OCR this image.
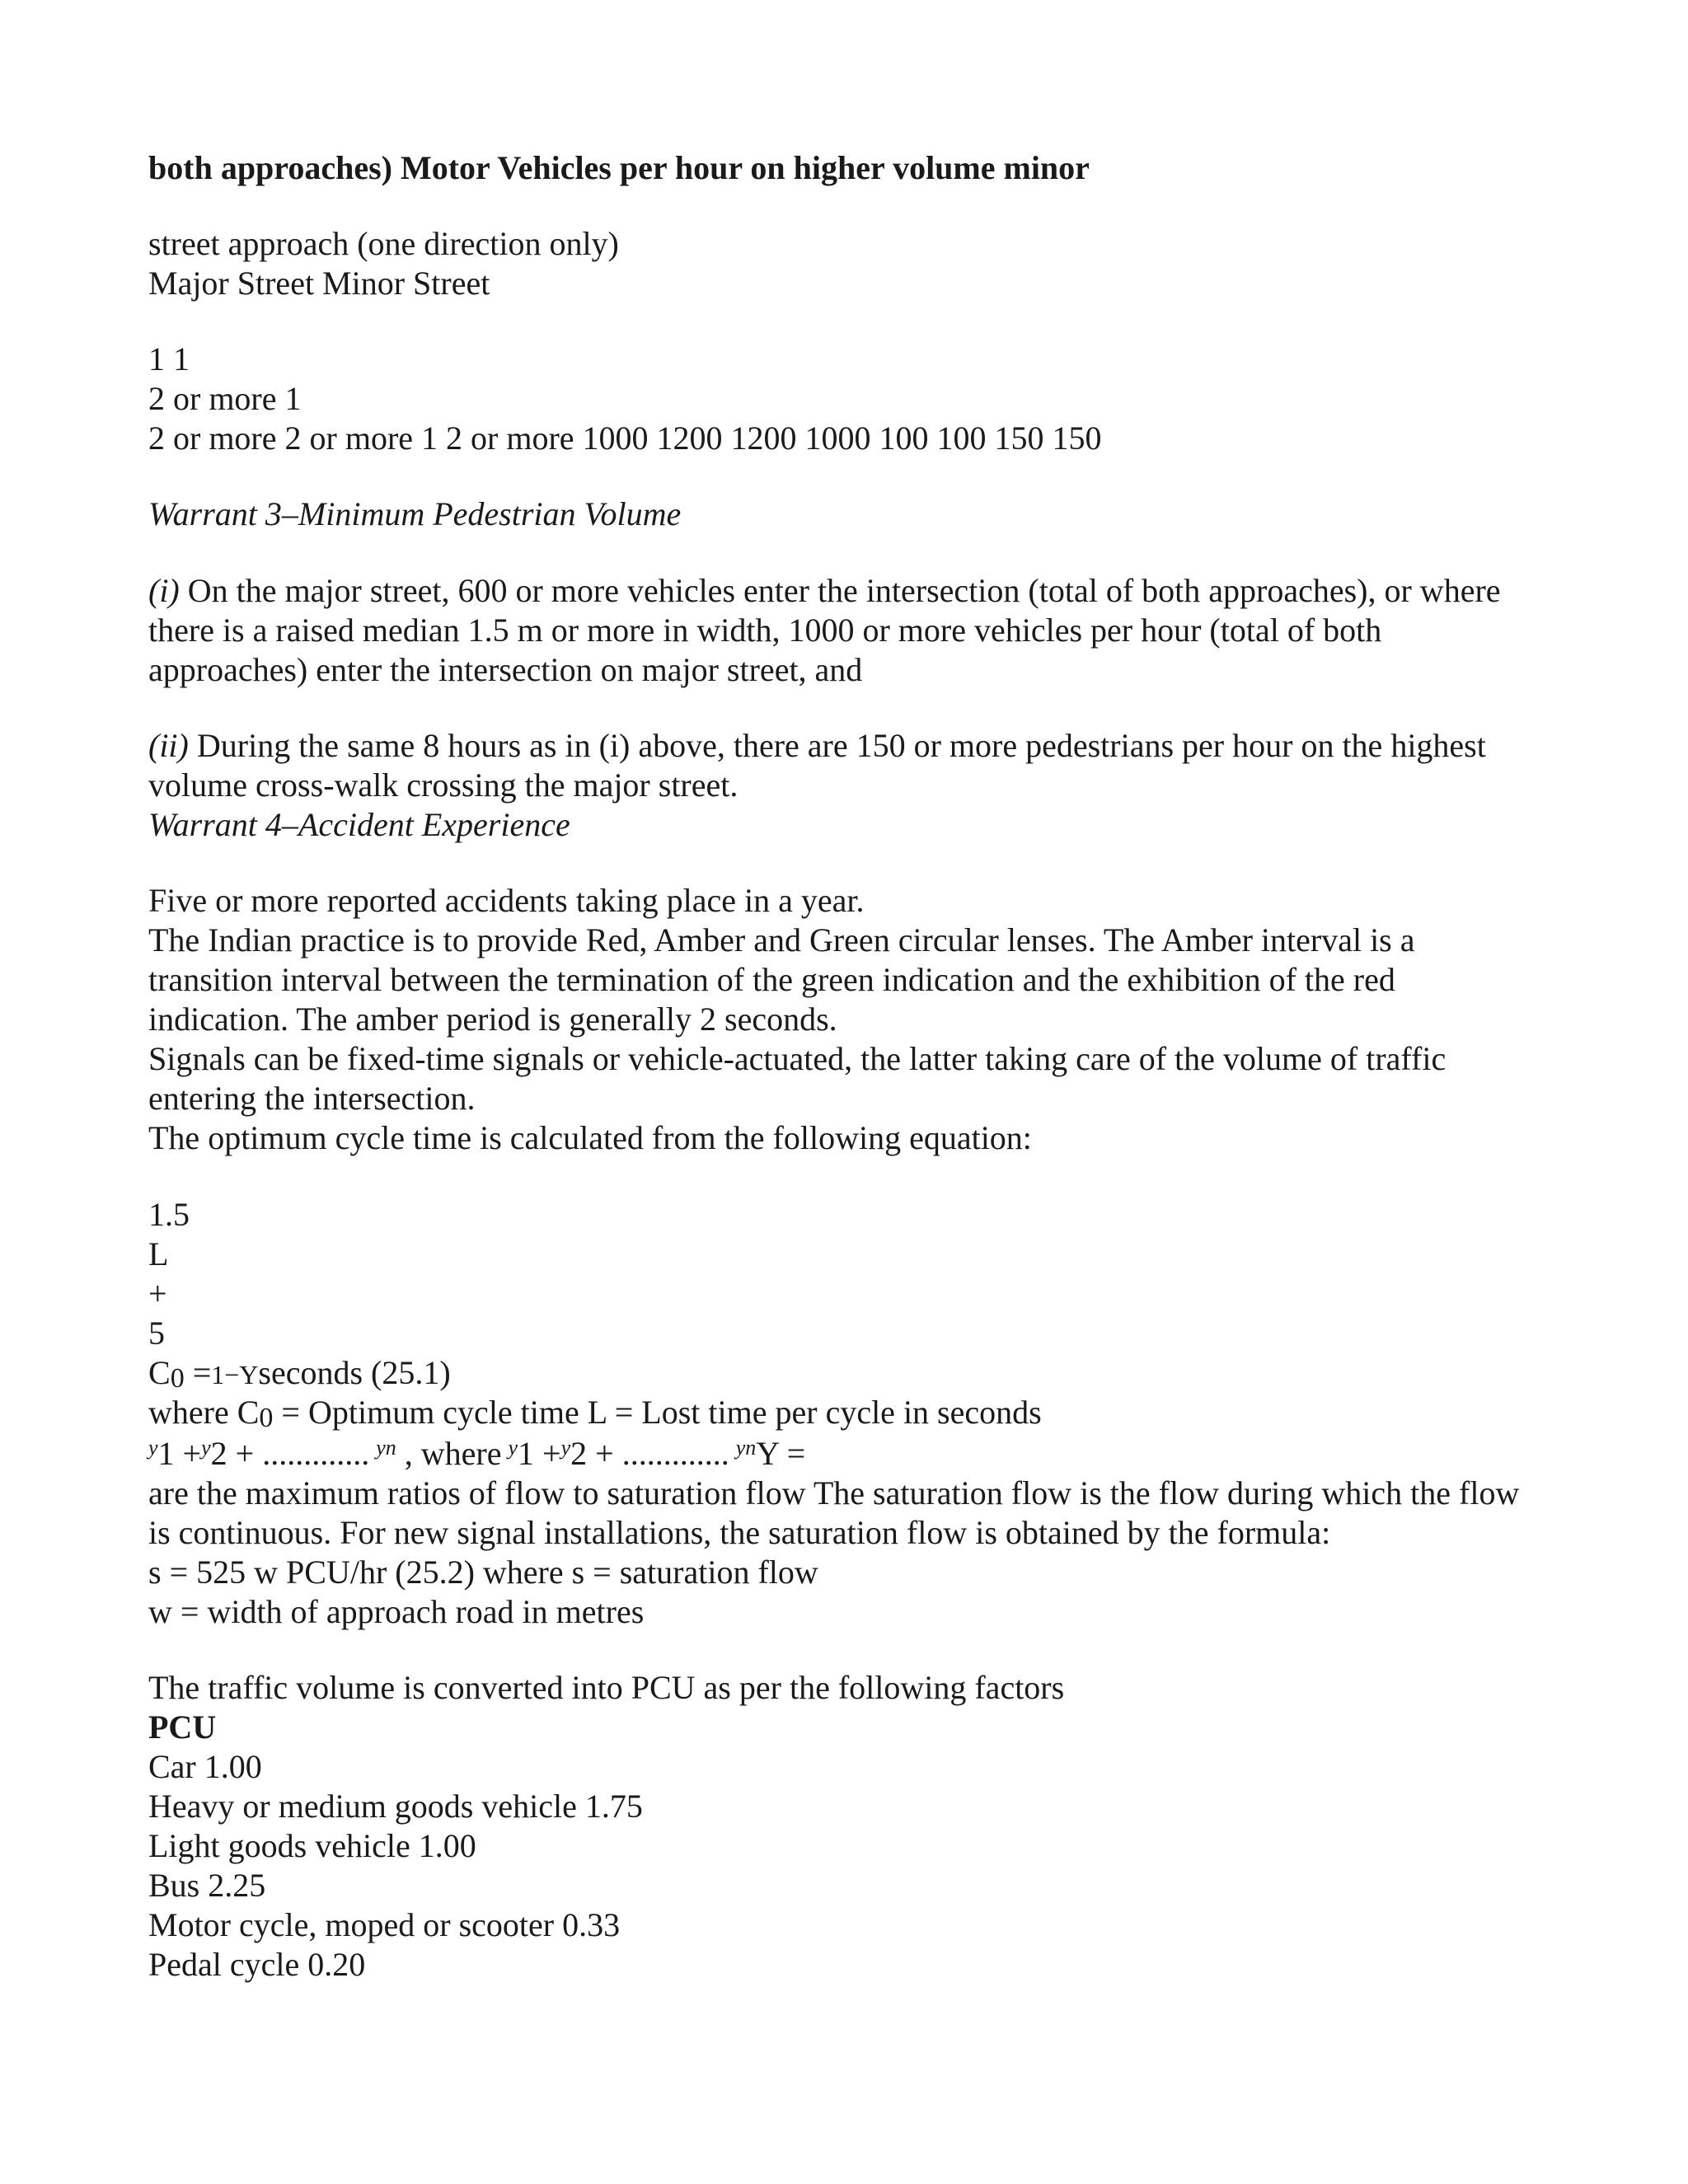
both approaches) Motor Vehicles per hour on higher volume minor
street approach (one direction only)
Major Street Minor Street
1 1
2 or more 1
2 or more 2 or more 1 2 or more 1000 1200 1200 1000 100 100 150 150
Warrant 3–Minimum Pedestrian Volume
(i) On the major street, 600 or more vehicles enter the intersection (total of both approaches), or where
there is a raised median 1.5 m or more in width, 1000 or more vehicles per hour (total of both
approaches) enter the intersection on major street, and
(ii) During the same 8 hours as in (i) above, there are 150 or more pedestrians per hour on the highest
volume cross-walk crossing the major street.
Warrant 4–Accident Experience
Five or more reported accidents taking place in a year.
The Indian practice is to provide Red, Amber and Green circular lenses. The Amber interval is a
transition interval between the termination of the green indication and the exhibition of the red
indication. The amber period is generally 2 seconds.
Signals can be fixed-time signals or vehicle-actuated, the latter taking care of the volume of traffic
entering the intersection.
The optimum cycle time is calculated from the following equation:
1.5
L
+
5
C0 =1−Yseconds (25.1)
where C0 = Optimum cycle time L = Lost time per cycle in seconds
$^y$1 +$^y$2 + ............. $^{yn}$ , where $^y$1 +$^y$2 + ............. $^{yn}$Y =
are the maximum ratios of flow to saturation flow The saturation flow is the flow during which the flow
is continuous. For new signal installations, the saturation flow is obtained by the formula:
s = 525 w PCU/hr (25.2) where s = saturation flow
w = width of approach road in metres
The traffic volume is converted into PCU as per the following factors
PCU
Car 1.00
Heavy or medium goods vehicle 1.75
Light goods vehicle 1.00
Bus 2.25
Motor cycle, moped or scooter 0.33
Pedal cycle 0.20
